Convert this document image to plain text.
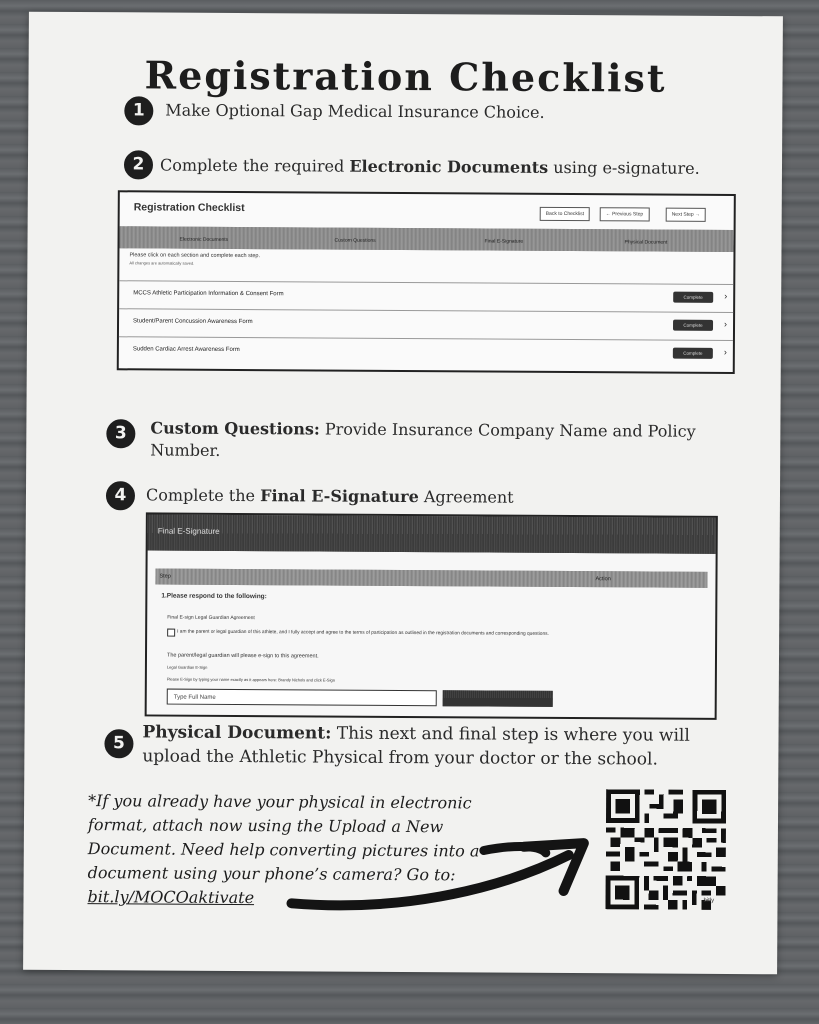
Registration Checklist
1	Make Optional Gap Medical Insurance Choice.
2 Complete the required Electronic Documents using e-signature.
Registration Checklist	Back to Checklist	← Previous Step	Next Step →
Electronic Documents	Custom Questions	Final E-Signature	Physical Document
Please click on each section and complete each step.
All changes are automatically saved.
MCCS Athletic Participation Information & Consent Form
Complete	›
Student/Parent Concussion Awareness Form
Complete	›
Sudden Cardiac Arrest Awareness Form
Complete	›
3	Custom Questions: Provide Insurance Company Name and Policy Number.
4	Complete the Final E-Signature Agreement
Final E-Signature
Step	Action
1.Please respond to the following:
Final E-sign Legal Guardian Agreement
I am the parent or legal guardian of this athlete, and I fully accept and agree to the terms of participation as outlined in the registration documents and corresponding questions.
The parent/legal guardian will please e-sign to this agreement.
Legal Guardian E-Sign
Please E-Sign by typing your name exactly as it appears here: Brandy Nichols and click E-Sign
Type Full Name
5	Physical Document: This next and final step is where you will upload the Athletic Physical from your doctor or the school.
*If you already have your physical in electronic format, attach now using the Upload a New Document. Need help converting pictures into a document using your phone’s camera? Go to:
bit.ly/MOCOaktivate	bitly
